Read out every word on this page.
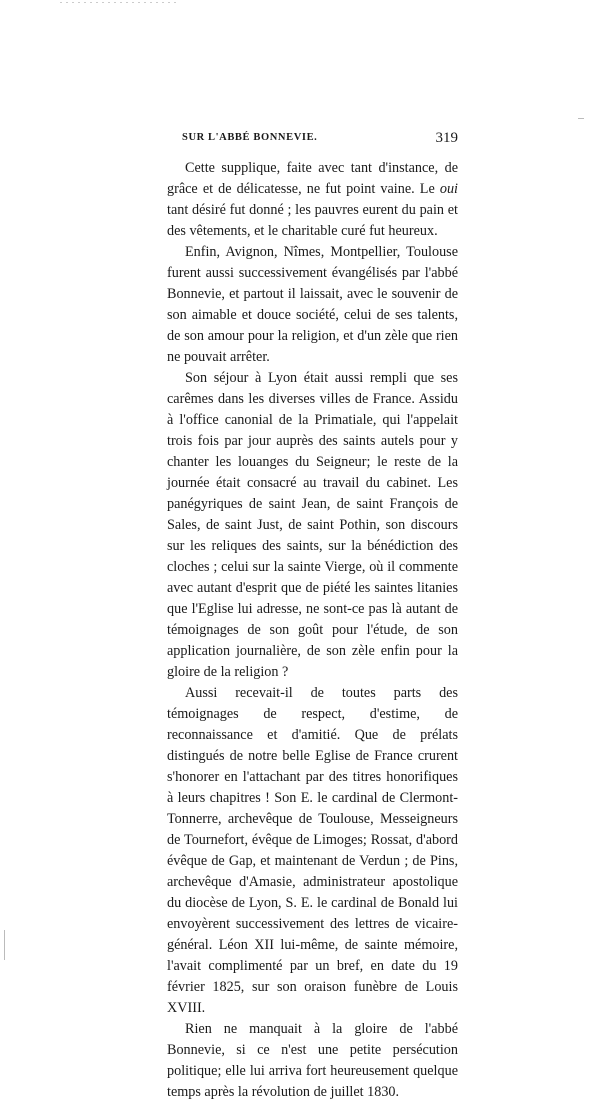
SUR L'ABBÉ BONNEVIE.	319

Cette supplique, faite avec tant d'instance, de grâce et de délicatesse, ne fut point vaine. Le oui tant désiré fut donné ; les pauvres eurent du pain et des vêtements, et le charitable curé fut heureux.

Enfin, Avignon, Nîmes, Montpellier, Toulouse furent aussi successivement évangélisés par l'abbé Bonnevie, et partout il laissait, avec le souvenir de son aimable et douce société, celui de ses talents, de son amour pour la religion, et d'un zèle que rien ne pouvait arrêter.

Son séjour à Lyon était aussi rempli que ses carêmes dans les diverses villes de France. Assidu à l'office canonial de la Primatiale, qui l'appelait trois fois par jour auprès des saints autels pour y chanter les louanges du Seigneur; le reste de la journée était consacré au travail du cabinet. Les panégyriques de saint Jean, de saint François de Sales, de saint Just, de saint Pothin, son discours sur les reliques des saints, sur la bénédiction des cloches ; celui sur la sainte Vierge, où il commente avec autant d'esprit que de piété les saintes litanies que l'Eglise lui adresse, ne sont-ce pas là autant de témoignages de son goût pour l'étude, de son application journalière, de son zèle enfin pour la gloire de la religion ?

Aussi recevait-il de toutes parts des témoignages de respect, d'estime, de reconnaissance et d'amitié. Que de prélats distingués de notre belle Eglise de France crurent s'honorer en l'attachant par des titres honorifiques à leurs chapitres ! Son E. le cardinal de Clermont-Tonnerre, archevêque de Toulouse, Messeigneurs de Tournefort, évêque de Limoges; Rossat, d'abord évêque de Gap, et maintenant de Verdun ; de Pins, archevêque d'Amasie, administrateur apostolique du diocèse de Lyon, S. E. le cardinal de Bonald lui envoyèrent successivement des lettres de vicaire-général. Léon XII lui-même, de sainte mémoire, l'avait complimenté par un bref, en date du 19 février 1825, sur son oraison funèbre de Louis XVIII.

Rien ne manquait à la gloire de l'abbé Bonnevie, si ce n'est une petite persécution politique; elle lui arriva fort heureusement quelque temps après la révolution de juillet 1830.
